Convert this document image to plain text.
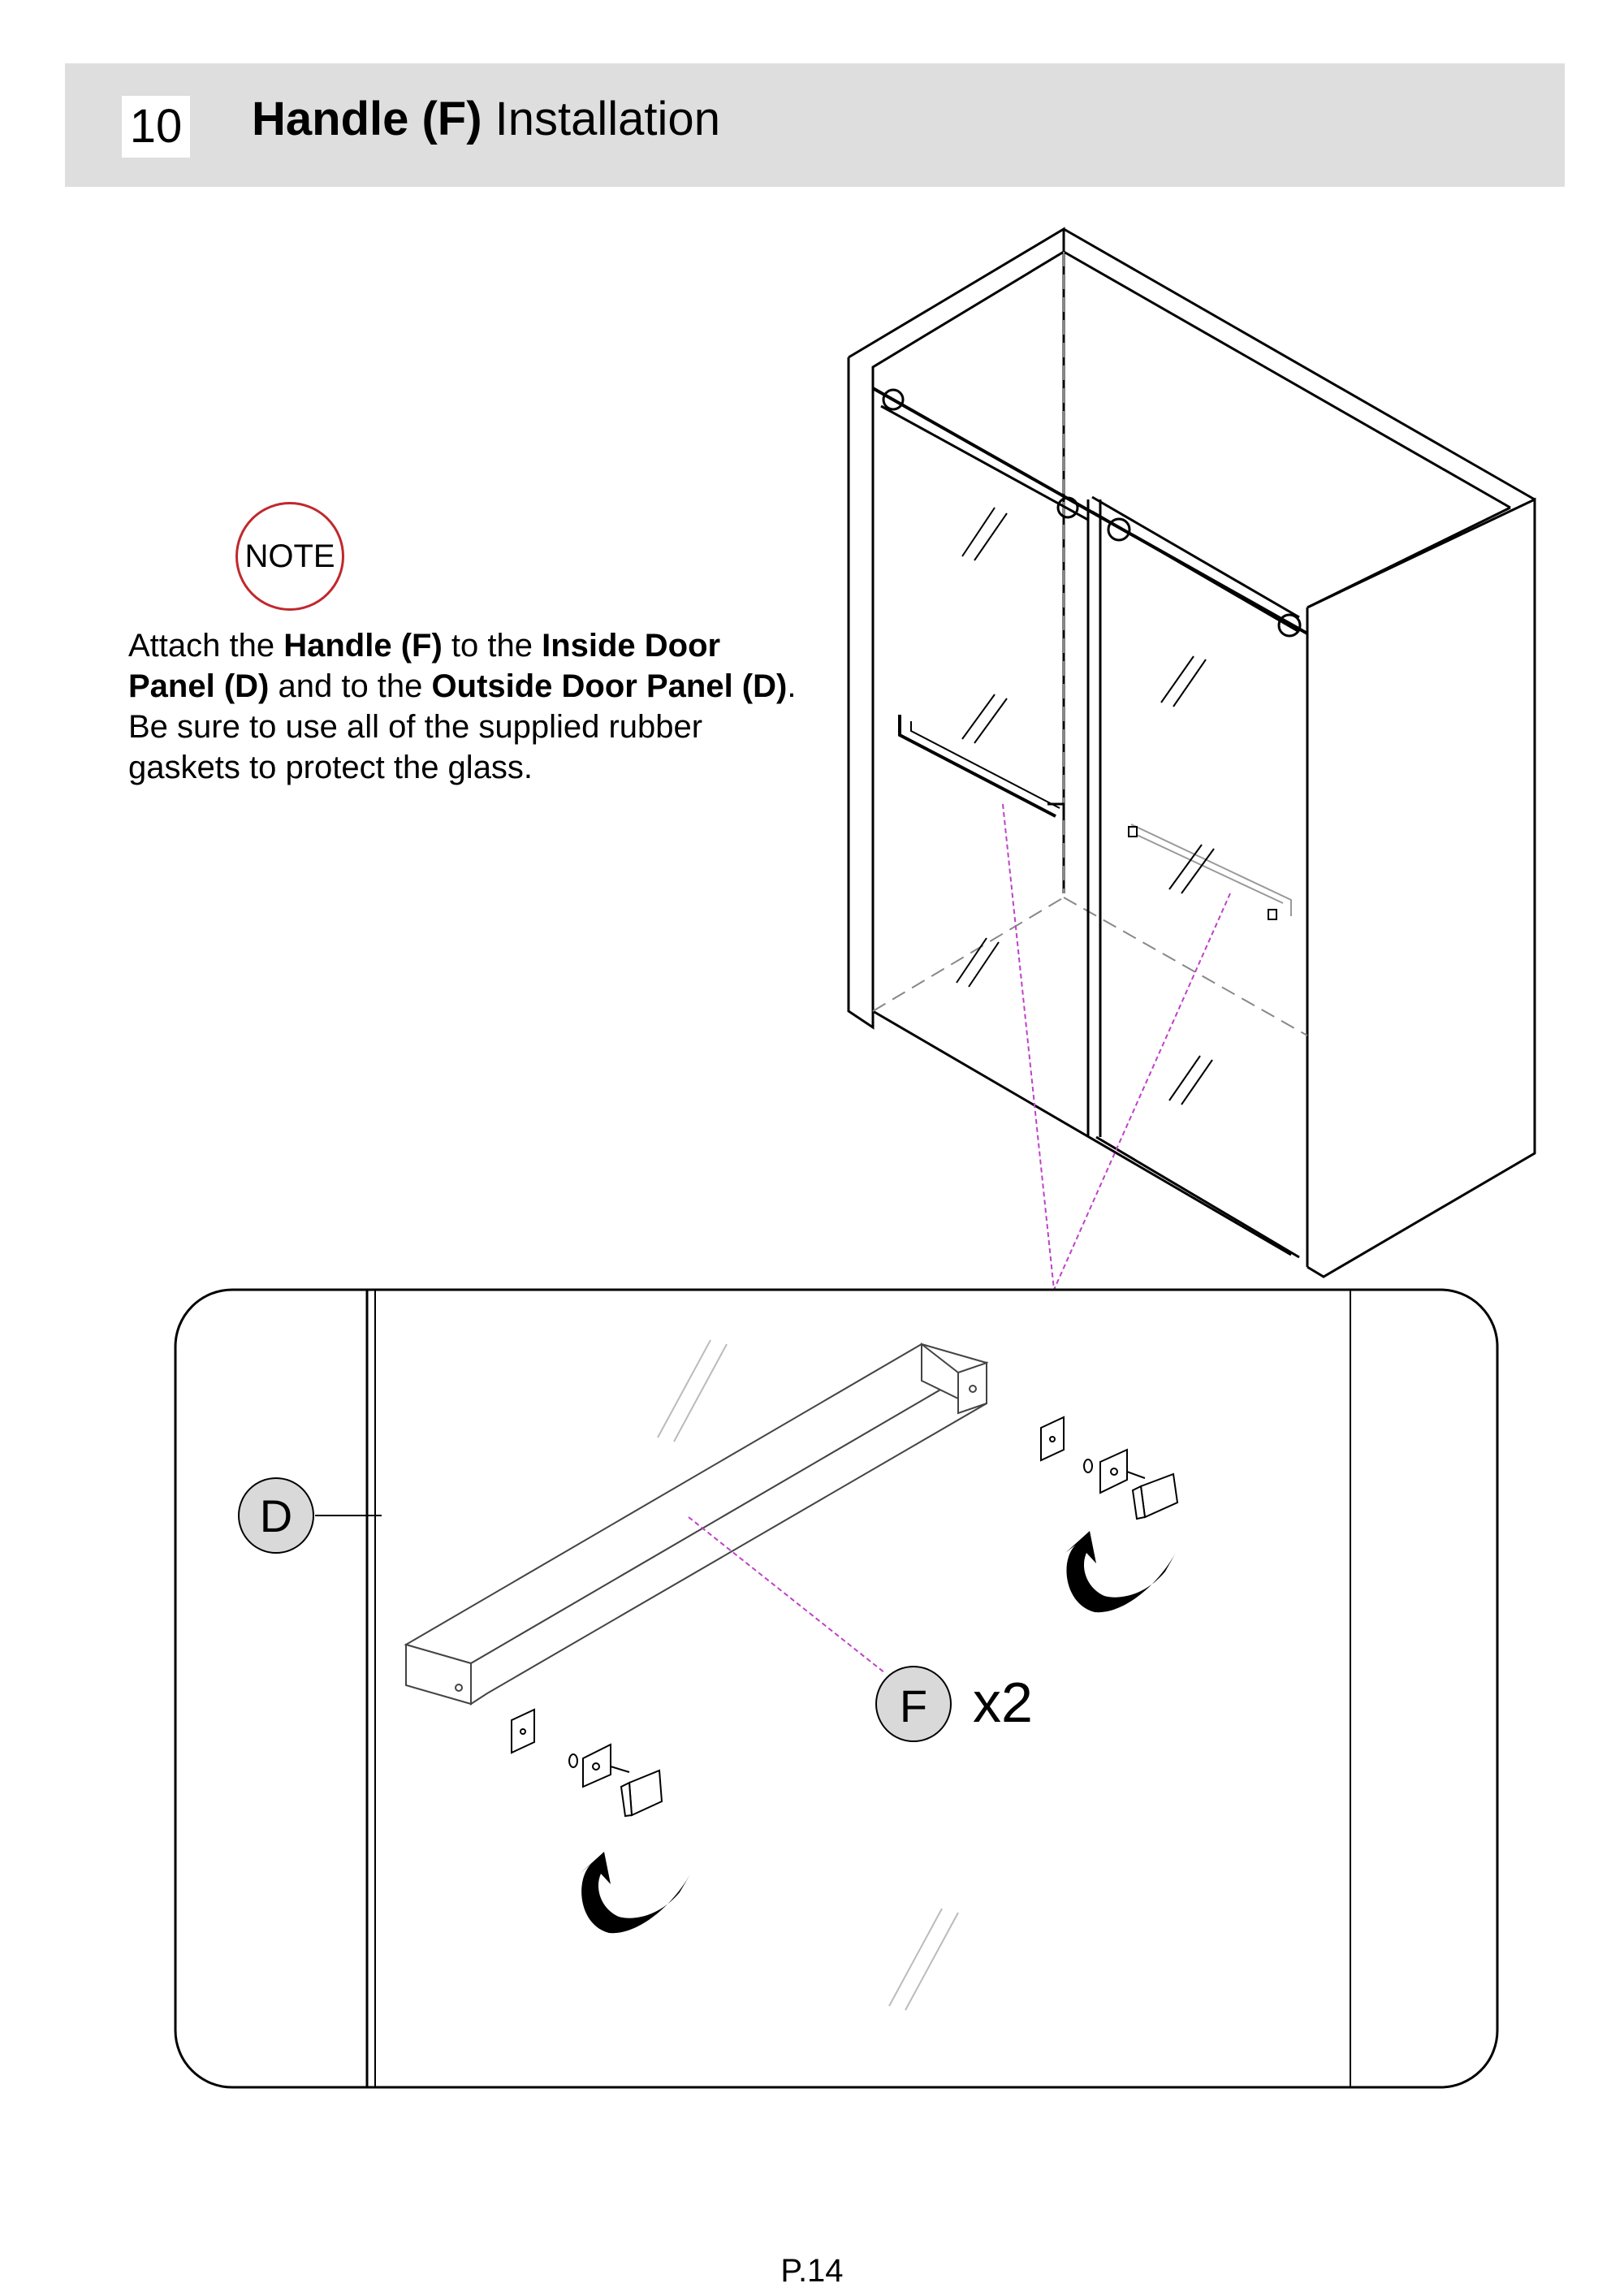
10 Handle (F) Installation
NOTE
Attach the Handle (F) to the Inside Door
Panel (D) and to the Outside Door Panel (D).
Be sure to use all of the supplied rubber
gaskets to protect the glass.
D
F x2
P.14
